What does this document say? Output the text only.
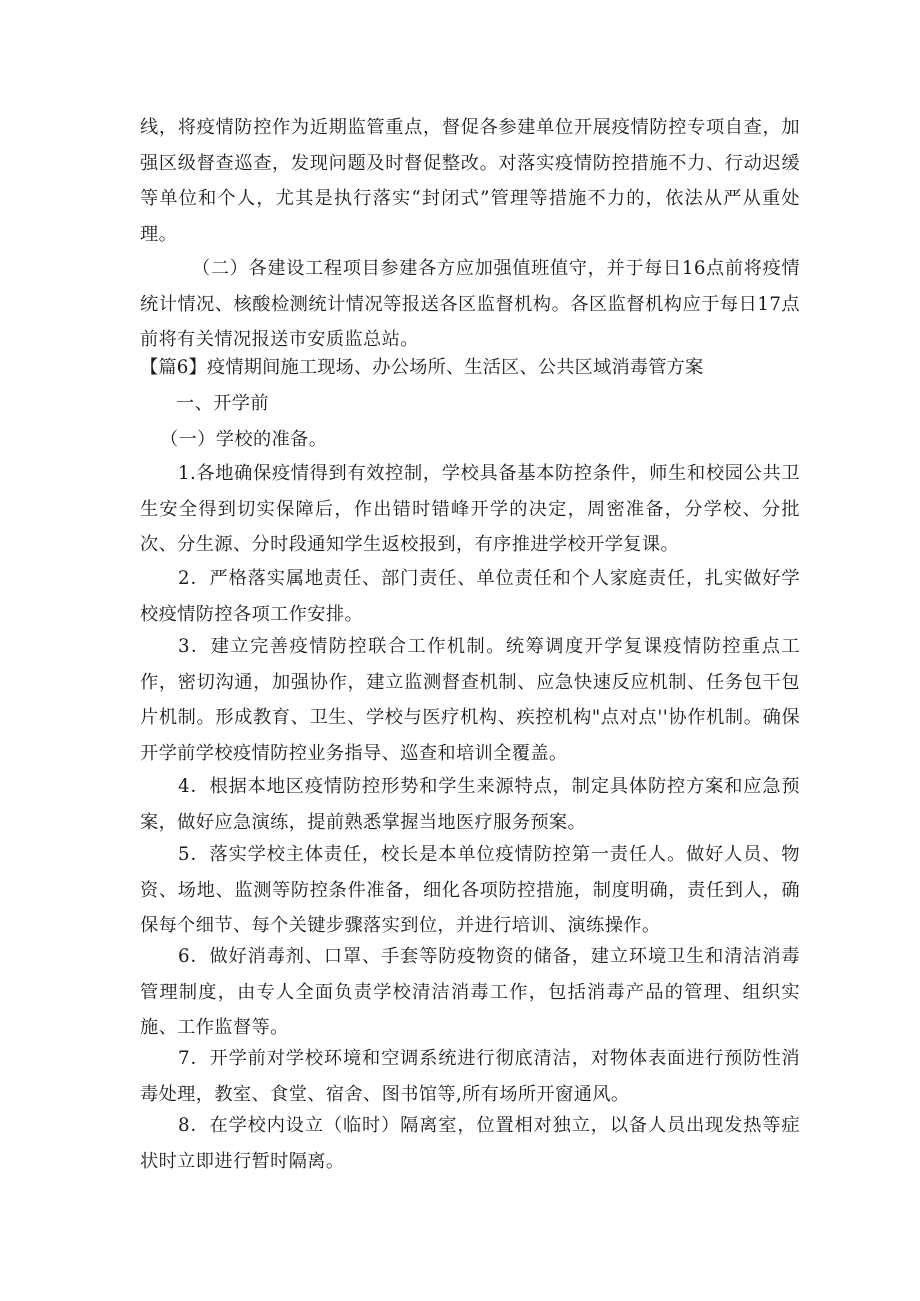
线，将疫情防控作为近期监管重点，督促各参建单位开展疫情防控专项自查，加强区级督查巡查，发现问题及时督促整改。对落实疫情防控措施不力、行动迟缓等单位和个人，尤其是执行落实“封闭式”管理等措施不力的，依法从严从重处理。

（二）各建设工程项目参建各方应加强值班值守，并于每日16点前将疫情统计情况、核酸检测统计情况等报送各区监督机构。各区监督机构应于每日17点前将有关情况报送市安质监总站。

【篇6】疫情期间施工现场、办公场所、生活区、公共区域消毒管方案

一、开学前

（一）学校的准备。

1.各地确保疫情得到有效控制，学校具备基本防控条件，师生和校园公共卫生安全得到切实保障后，作出错时错峰开学的决定，周密准备，分学校、分批次、分生源、分时段通知学生返校报到，有序推进学校开学复课。

2．严格落实属地责任、部门责任、单位责任和个人家庭责任，扎实做好学校疫情防控各项工作安排。

3．建立完善疫情防控联合工作机制。统筹调度开学复课疫情防控重点工作，密切沟通，加强协作，建立监测督查机制、应急快速反应机制、任务包干包片机制。形成教育、卫生、学校与医疗机构、疾控机构"点对点''协作机制。确保开学前学校疫情防控业务指导、巡查和培训全覆盖。

4．根据本地区疫情防控形势和学生来源特点，制定具体防控方案和应急预案，做好应急演练，提前熟悉掌握当地医疗服务预案。

5．落实学校主体责任，校长是本单位疫情防控第一责任人。做好人员、物资、场地、监测等防控条件准备，细化各项防控措施，制度明确，责任到人，确保每个细节、每个关键步骤落实到位，并进行培训、演练操作。

6．做好消毒剂、口罩、手套等防疫物资的储备，建立环境卫生和清洁消毒管理制度，由专人全面负责学校清洁消毒工作，包括消毒产品的管理、组织实施、工作监督等。

7．开学前对学校环境和空调系统进行彻底清洁，对物体表面进行预防性消毒处理，教室、食堂、宿舍、图书馆等,所有场所开窗通风。

8．在学校内设立（临时）隔离室，位置相对独立，以备人员出现发热等症状时立即进行暂时隔离。
